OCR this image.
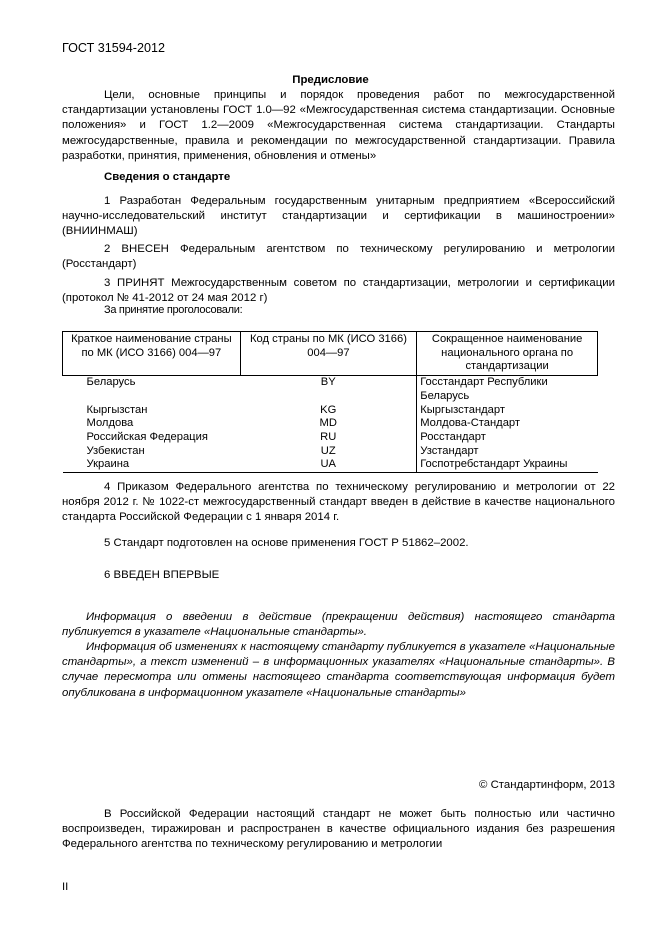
ГОСТ 31594-2012
Предисловие

Цели, основные принципы и порядок проведения работ по межгосударственной стандартизации установлены ГОСТ 1.0—92 «Межгосударственная система стандартизации. Основные положения» и ГОСТ 1.2—2009 «Межгосударственная система стандартизации. Стандарты межгосударственные, правила и рекомендации по межгосударственной стандартизации. Правила разработки, принятия, применения, обновления и отмены»

Сведения о стандарте

1 Разработан Федеральным государственным унитарным предприятием «Всероссийский научно-исследовательский институт стандартизации и сертификации в машиностроении» (ВНИИНМАШ)

2 ВНЕСЕН Федеральным агентством по техническому регулированию и метрологии (Росстандарт)

3 ПРИНЯТ Межгосударственным советом по стандартизации, метрологии и сертификации (протокол № 41-2012 от 24 мая 2012 г)

За принятие проголосовали:
Краткое наименование страны по МК (ИСО 3166) 004—97	Код страны по МК (ИСО 3166) 004—97	Сокращенное наименование национального органа по стандартизации
Беларусь	BY	Госстандарт Республики Беларусь
Кыргызстан	KG	Кыргызстандарт
Молдова	MD	Молдова-Стандарт
Российская Федерация	RU	Росстандарт
Узбекистан	UZ	Узстандарт
Украина	UA	Госпотребстандарт Украины

4 Приказом Федерального агентства по техническому регулированию и метрологии от 22 ноября 2012 г. № 1022-ст межгосударственный стандарт введен в действие в качестве национального стандарта Российской Федерации с 1 января 2014 г.

5 Стандарт подготовлен на основе применения ГОСТ Р 51862–2002.
6 ВВЕДЕН ВПЕРВЫЕ

Информация о введении в действие (прекращении действия) настоящего стандарта публикуется в указателе «Национальные стандарты».

Информация об изменениях к настоящему стандарту публикуется в указателе «Национальные стандарты», а текст изменений – в информационных указателях «Национальные стандарты». В случае пересмотра или отмены настоящего стандарта соответствующая информация будет опубликована в информационном указателе «Национальные стандарты»

© Стандартинформ, 2013

В Российской Федерации настоящий стандарт не может быть полностью или частично воспроизведен, тиражирован и распространен в качестве официального издания без разрешения Федерального агентства по техническому регулированию и метрологии

II
